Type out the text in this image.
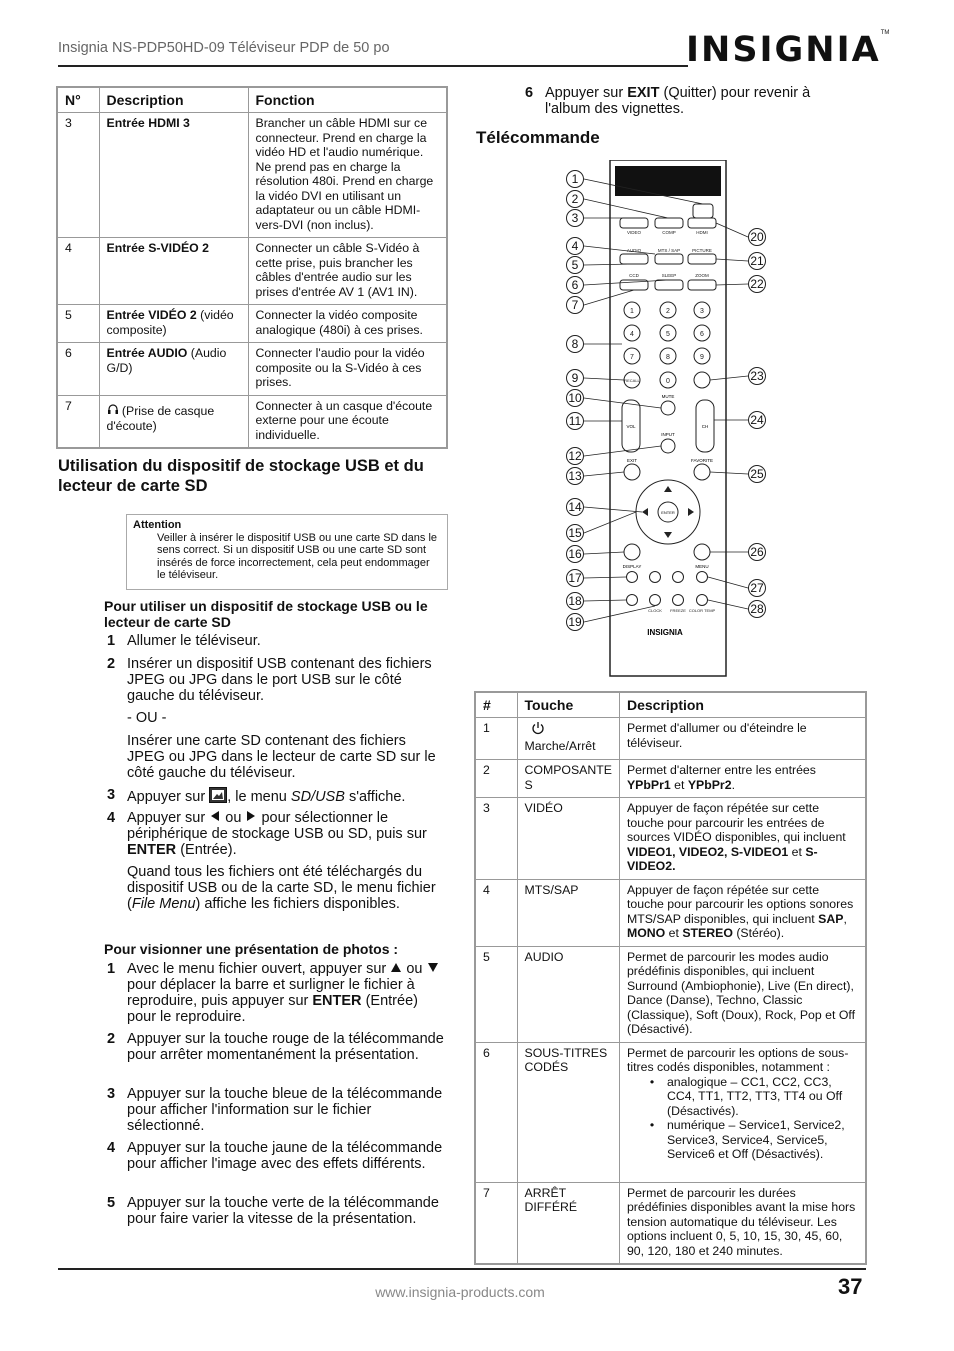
Insignia NS-PDP50HD-09 Téléviseur PDP de 50 po	INSIGNIA™
N°	Description	Fonction
3	Entrée HDMI 3	Brancher un câble HDMI sur ce connecteur. Prend en charge la vidéo HD et l'audio numérique. Ne prend pas en charge la résolution 480i. Prend en charge la vidéo DVI en utilisant un adaptateur ou un câble HDMI-vers-DVI (non inclus).
4	Entrée S-VIDÉO 2	Connecter un câble S-Vidéo à cette prise, puis brancher les câbles d'entrée audio sur les prises d'entrée AV 1 (AV1 IN).
5	Entrée VIDÉO 2 (vidéo composite)	Connecter la vidéo composite analogique (480i) à ces prises.
6	Entrée AUDIO (Audio G/D)	Connecter l'audio pour la vidéo composite ou la S-Vidéo à ces prises.
7	(Prise de casque d'écoute)	Connecter à un casque d'écoute externe pour une écoute individuelle.
Utilisation du dispositif de stockage USB et du lecteur de carte SD
Attention
Veiller à insérer le dispositif USB ou une carte SD dans le sens correct. Si un dispositif USB ou une carte SD sont insérés de force incorrectement, cela peut endommager le téléviseur.
Pour utiliser un dispositif de stockage USB ou le lecteur de carte SD
1 Allumer le téléviseur.
2 Insérer un dispositif USB contenant des fichiers JPEG ou JPG dans le port USB sur le côté gauche du téléviseur.
- OU -
Insérer une carte SD contenant des fichiers JPEG ou JPG dans le lecteur de carte SD sur le côté gauche du téléviseur.
3 Appuyer sur , le menu SD/USB s'affiche.
4 Appuyer sur ou pour sélectionner le périphérique de stockage USB ou SD, puis sur ENTER (Entrée).
Quand tous les fichiers ont été téléchargés du dispositif USB ou de la carte SD, le menu fichier (File Menu) affiche les fichiers disponibles.
Pour visionner une présentation de photos :
1 Avec le menu fichier ouvert, appuyer sur ou  pour déplacer la barre et surligner le fichier à reproduire, puis appuyer sur ENTER (Entrée) pour le reproduire.
2 Appuyer sur la touche rouge de la télécommande pour arrêter momentanément la présentation.
3 Appuyer sur la touche bleue de la télécommande pour afficher l'information sur le fichier sélectionné.
4 Appuyer sur la touche jaune de la télécommande pour afficher l'image avec des effets différents.
5 Appuyer sur la touche verte de la télécommande pour faire varier la vitesse de la présentation.
6 Appuyer sur EXIT (Quitter) pour revenir à l'album des vignettes.
Télécommande
VIDEO	COMP	HDMI
AUDIO	MTS / SAP	PICTURE
CCD	SLEEP	ZOOM
1	2	3
4	5	6
7	8	9
0
RECALL
MUTE
VOL	CH
INPUT
EXIT	FAVORITE
ENTER
DISPLAY	MENU
CLOCK FREEZE COLOR TEMP
INSIGNIA
1
2
3
4
5
6
7
8
9
10
11
12
13
14
15
16
17
18
19
20
21
22
23
24
25
26
27
28
#	Touche	Description
1	Marche/Arrêt	Permet d'allumer ou d'éteindre le téléviseur.
2	COMPOSANTE S	Permet d'alterner entre les entrées YPbPr1 et YPbPr2.
3	VIDÉO	Appuyer de façon répétée sur cette touche pour parcourir les entrées de sources VIDÉO disponibles, qui incluent VIDEO1, VIDEO2, S-VIDEO1 et S-VIDEO2.
4	MTS/SAP	Appuyer de façon répétée sur cette touche pour parcourir les options sonores MTS/SAP disponibles, qui incluent SAP, MONO et STEREO (Stéréo).
5	AUDIO	Permet de parcourir les modes audio prédéfinis disponibles, qui incluent Surround (Ambiophonie), Live (En direct), Dance (Danse), Techno, Classic (Classique), Soft (Doux), Rock, Pop et Off (Désactivé).
6	SOUS-TITRES CODÉS	Permet de parcourir les options de sous-titres codés disponibles, notamment :
• analogique – CC1, CC2, CC3, CC4, TT1, TT2, TT3, TT4 ou Off (Désactivés).
• numérique – Service1, Service2, Service3, Service4, Service5, Service6 et Off (Désactivés).

7	ARRÊT DIFFÉRÉ	Permet de parcourir les durées prédéfinies disponibles avant la mise hors tension automatique du téléviseur. Les options incluent 0, 5, 10, 15, 30, 45, 60, 90, 120, 180 et 240 minutes.
www.insignia-products.com	37
